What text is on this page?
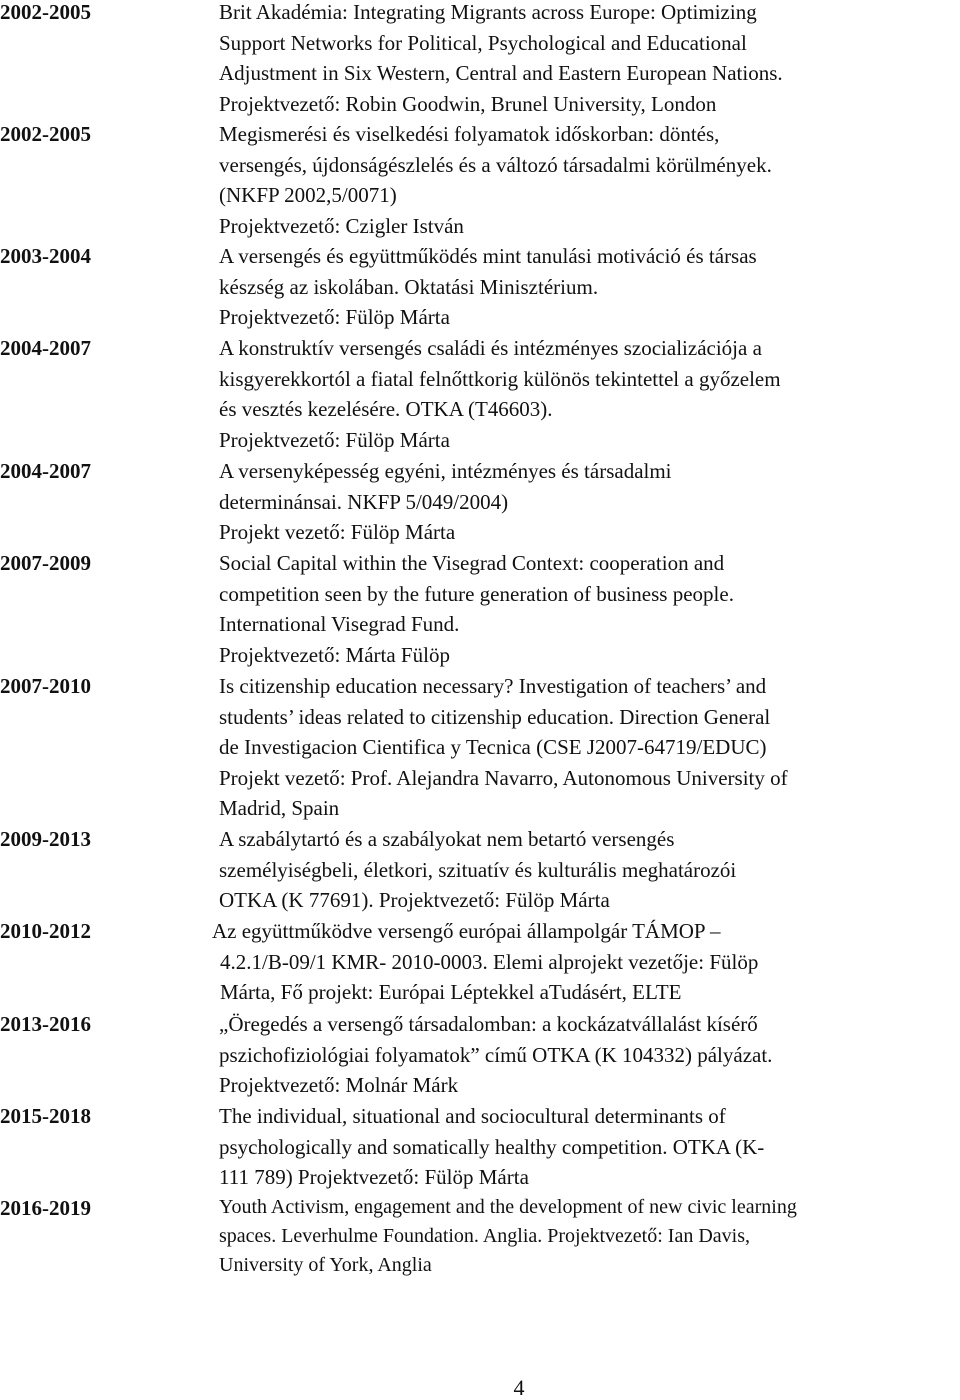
2002-2005	Brit Akadémia: Integrating Migrants across Europe: Optimizing
Support Networks for Political, Psychological and Educational
Adjustment in Six Western, Central and Eastern European Nations.
Projektvezető: Robin Goodwin, Brunel University, London
2002-2005	Megismerési és viselkedési folyamatok időskorban: döntés,
versengés, újdonságészlelés és a változó társadalmi körülmények.
(NKFP 2002,5/0071)
Projektvezető: Czigler István
2003-2004	A versengés és együttműködés mint tanulási motiváció és társas
készség az iskolában. Oktatási Minisztérium.
Projektvezető: Fülöp Márta
2004-2007	A konstruktív versengés családi és intézményes szocializációja a
kisgyerekkortól a fiatal felnőttkorig különös tekintettel a győzelem
és vesztés kezelésére. OTKA (T46603).
Projektvezető: Fülöp Márta
2004-2007	A versenyképesség egyéni, intézményes és társadalmi
determinánsai. NKFP 5/049/2004)
Projekt vezető: Fülöp Márta
2007-2009	Social Capital within the Visegrad Context: cooperation and
competition seen by the future generation of business people.
International Visegrad Fund.
Projektvezető: Márta Fülöp
2007-2010	Is citizenship education necessary? Investigation of teachers’ and
students’ ideas related to citizenship education. Direction General
de Investigacion Cientifica y Tecnica (CSE J2007-64719/EDUC)
Projekt vezető: Prof. Alejandra Navarro, Autonomous University of
Madrid, Spain
2009-2013	A szabálytartó és a szabályokat nem betartó versengés
személyiségbeli, életkori, szituatív és kulturális meghatározói
OTKA (K 77691). Projektvezető: Fülöp Márta
2010-2012	Az együttműködve versengő európai állampolgár TÁMOP –
4.2.1/B-09/1 KMR- 2010-0003. Elemi alprojekt vezetője: Fülöp
Márta, Fő projekt: Európai Léptekkel aTudásért, ELTE
2013-2016	„Öregedés a versengő társadalomban: a kockázatvállalást kísérő
pszichofiziológiai folyamatok” című OTKA (K 104332) pályázat.
Projektvezető: Molnár Márk
2015-2018	The individual, situational and sociocultural determinants of
psychologically and somatically healthy competition. OTKA (K-
111 789) Projektvezető: Fülöp Márta
2016-2019	Youth Activism, engagement and the development of new civic learning
spaces. Leverhulme Foundation. Anglia. Projektvezető: Ian Davis,
University of York, Anglia
4
